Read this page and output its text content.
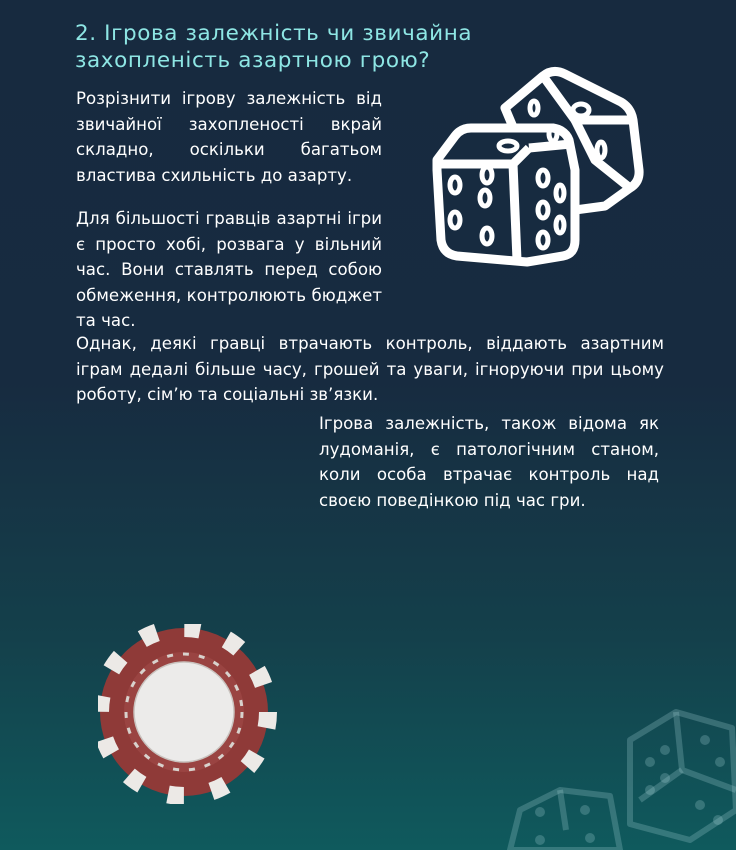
2. Ігрова залежність чи звичайна
захопленість азартною грою?

Розрізнити ігрову залежність від звичайної захопленості вкрай складно, оскільки багатьом властива схильність до азарту.

Для більшості гравців азартні ігри є просто хобі, розвага у вільний час. Вони ставлять перед собою обмеження, контролюють бюджет та час.

Однак, деякі гравці втрачають контроль, віддають азартним іграм дедалі більше часу, грошей та уваги, ігноруючи при цьому роботу, сім’ю та соціальні зв’язки.

Ігрова залежність, також відома як лудоманія, є патологічним станом, коли особа втрачає контроль над своєю поведінкою під час гри.
